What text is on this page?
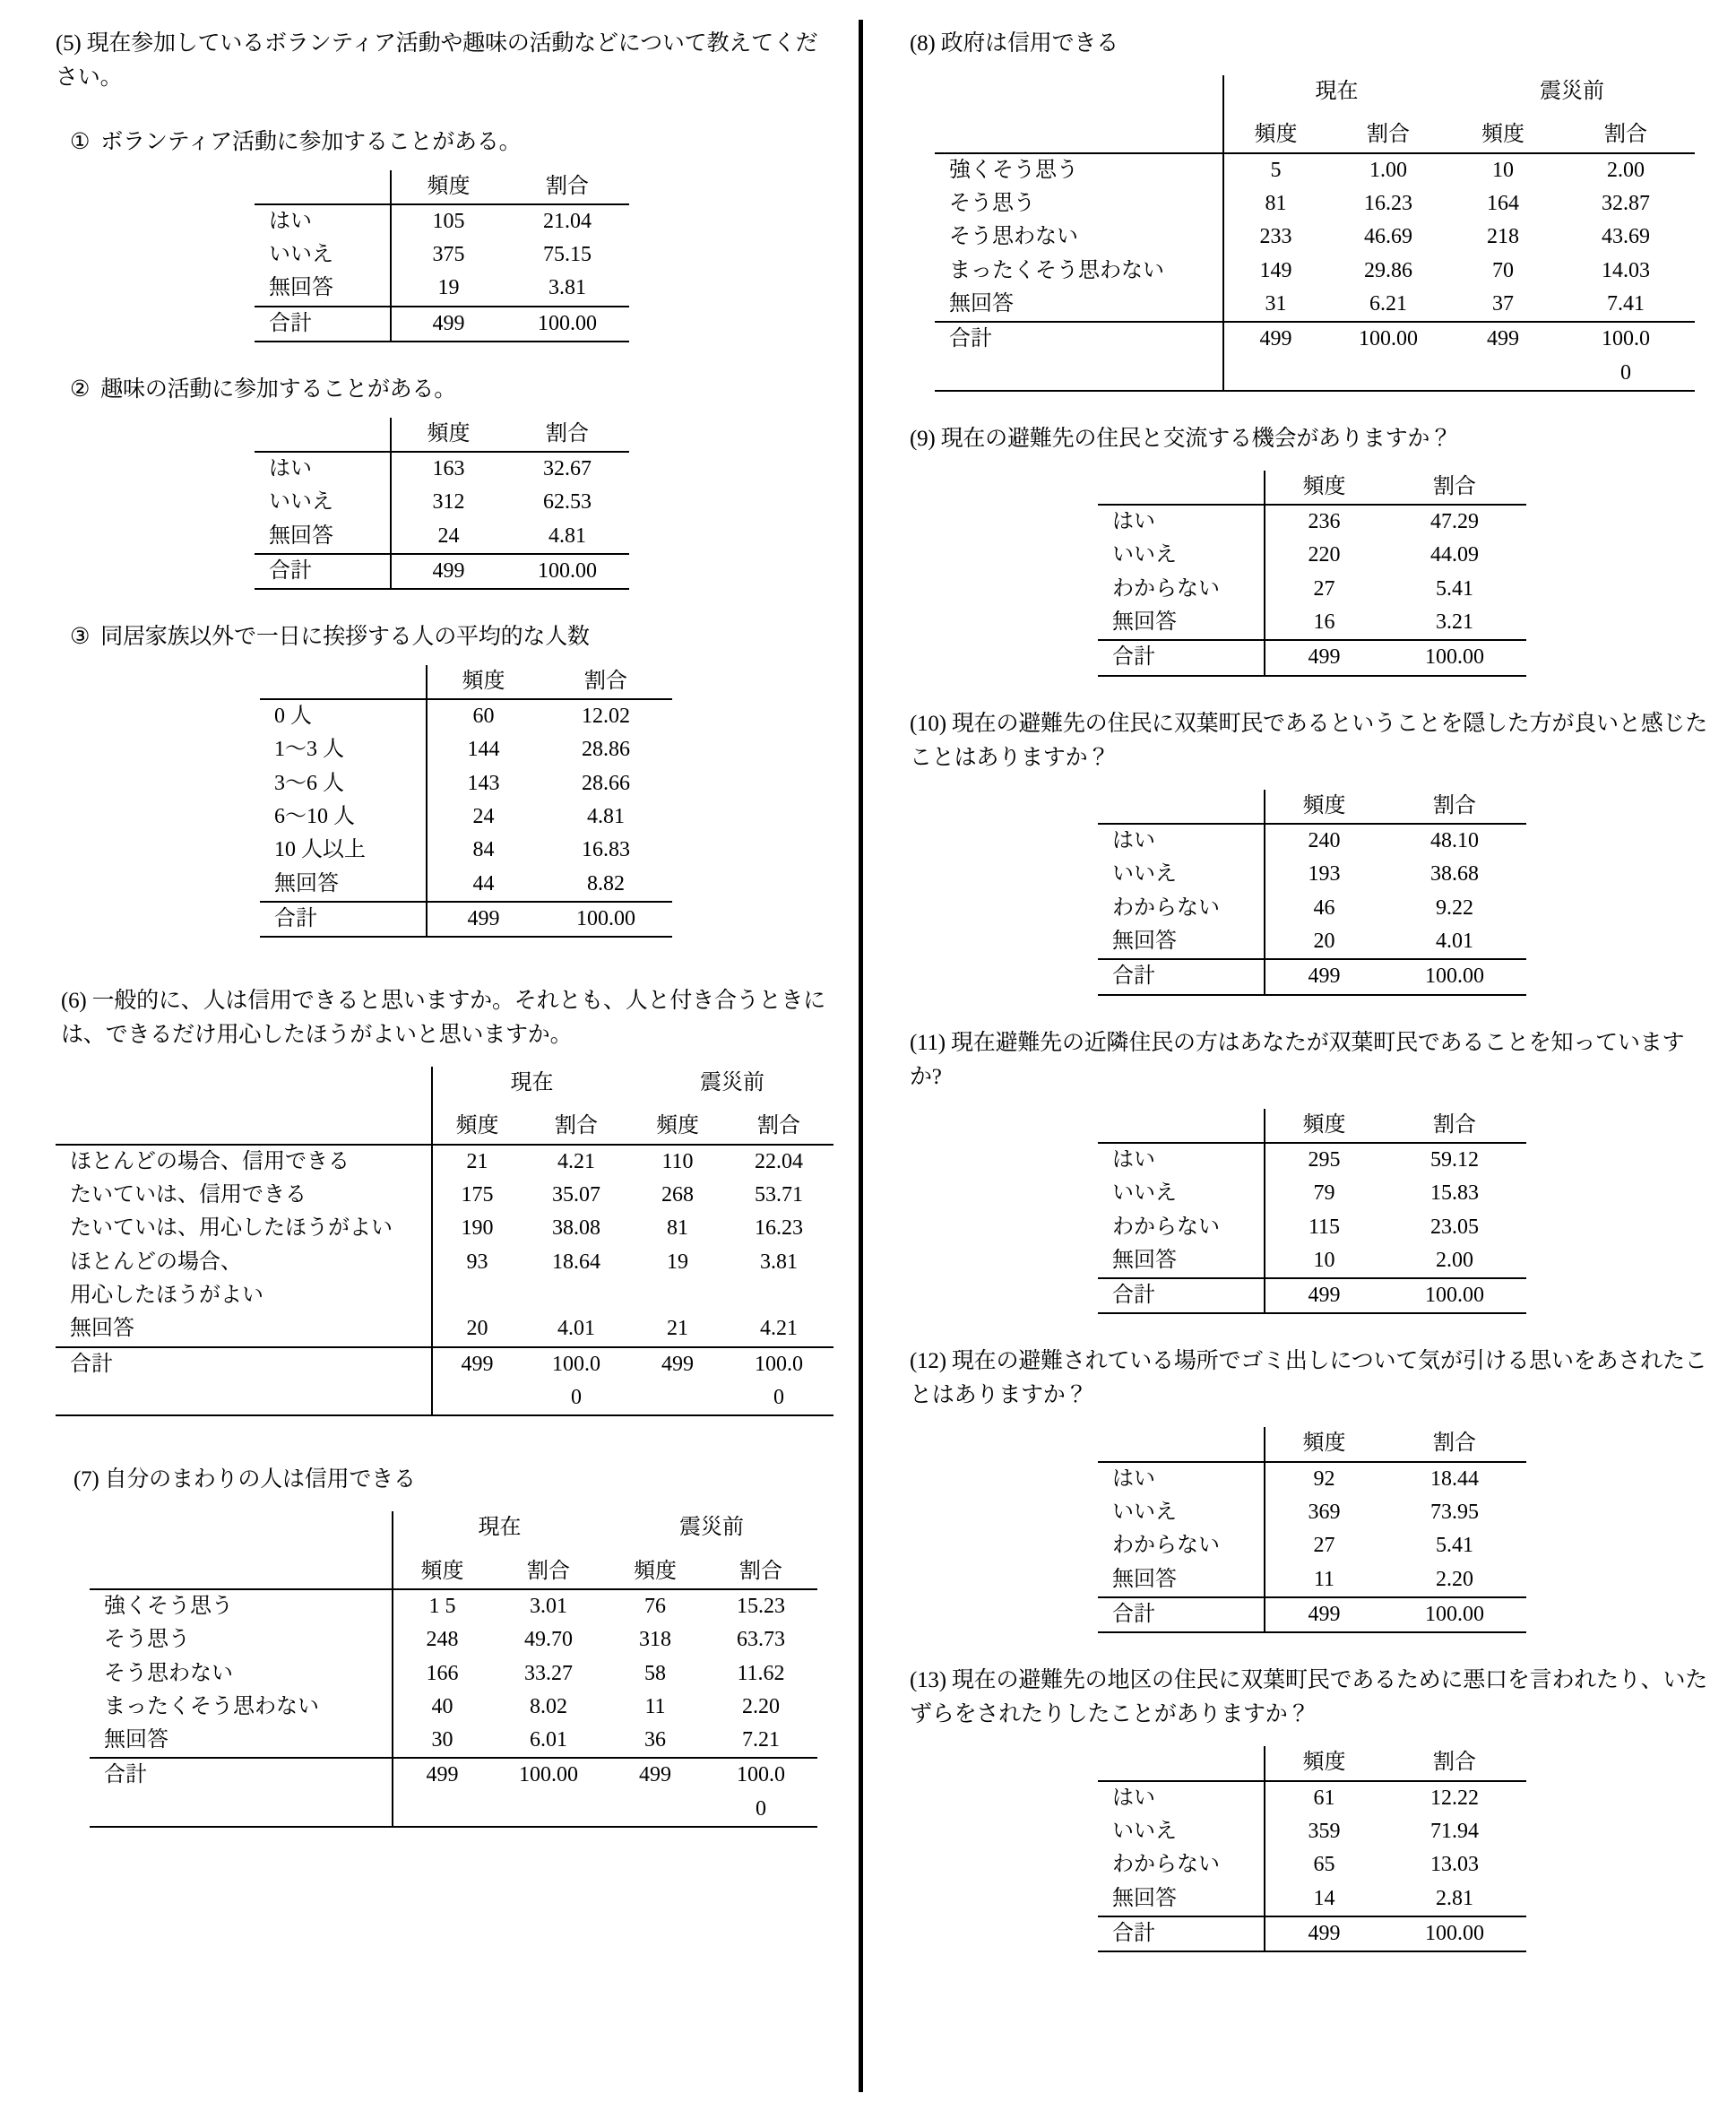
(5) 現在参加しているボランティア活動や趣味の活動などについて教えてください。

① ボランティア活動に参加することがある。

	頻度	割合
はい	105	21.04
いいえ	375	75.15
無回答	19	3.81
合計	499	100.00

② 趣味の活動に参加することがある。

	頻度	割合
はい	163	32.67
いいえ	312	62.53
無回答	24	4.81
合計	499	100.00

③ 同居家族以外で一日に挨拶する人の平均的な人数

	頻度	割合
0 人	60	12.02
1〜3 人	144	28.86
3〜6 人	143	28.66
6〜10 人	24	4.81
10 人以上	84	16.83
無回答	44	8.82
合計	499	100.00

(6) 一般的に、人は信用できると思いますか。それとも、人と付き合うときには、できるだけ用心したほうがよいと思いますか。

	現在		震災前	
	頻度	割合	頻度	割合
ほとんどの場合、信用できる	21	4.21	110	22.04
たいていは、信用できる	175	35.07	268	53.71
たいていは、用心したほうがよい	190	38.08	81	16.23
ほとんどの場合、	93	18.64	19	3.81
用心したほうがよい				
無回答	20	4.01	21	4.21
合計	499	100.0	499	100.0
		0		0

(7) 自分のまわりの人は信用できる

	現在		震災前	
	頻度	割合	頻度	割合
強くそう思う	1 5	3.01	76	15.23
そう思う	248	49.70	318	63.73
そう思わない	166	33.27	58	11.62
まったくそう思わない	40	8.02	11	2.20
無回答	30	6.01	36	7.21
合計	499	100.00	499	100.0
				0

(8) 政府は信用できる

	現在		震災前	
	頻度	割合	頻度	割合
強くそう思う	5	1.00	10	2.00
そう思う	81	16.23	164	32.87
そう思わない	233	46.69	218	43.69
まったくそう思わない	149	29.86	70	14.03
無回答	31	6.21	37	7.41
合計	499	100.00	499	100.0
				0

(9) 現在の避難先の住民と交流する機会がありますか？

	頻度	割合
はい	236	47.29
いいえ	220	44.09
わからない	27	5.41
無回答	16	3.21
合計	499	100.00

(10) 現在の避難先の住民に双葉町民であるということを隠した方が良いと感じたことはありますか？

	頻度	割合
はい	240	48.10
いいえ	193	38.68
わからない	46	9.22
無回答	20	4.01
合計	499	100.00

(11) 現在避難先の近隣住民の方はあなたが双葉町民であることを知っていますか?

	頻度	割合
はい	295	59.12
いいえ	79	15.83
わからない	115	23.05
無回答	10	2.00
合計	499	100.00

(12) 現在の避難されている場所でゴミ出しについて気が引ける思いをあされたことはありますか？

	頻度	割合
はい	92	18.44
いいえ	369	73.95
わからない	27	5.41
無回答	11	2.20
合計	499	100.00

(13) 現在の避難先の地区の住民に双葉町民であるために悪口を言われたり、いたずらをされたりしたことがありますか？

	頻度	割合
はい	61	12.22
いいえ	359	71.94
わからない	65	13.03
無回答	14	2.81
合計	499	100.00
